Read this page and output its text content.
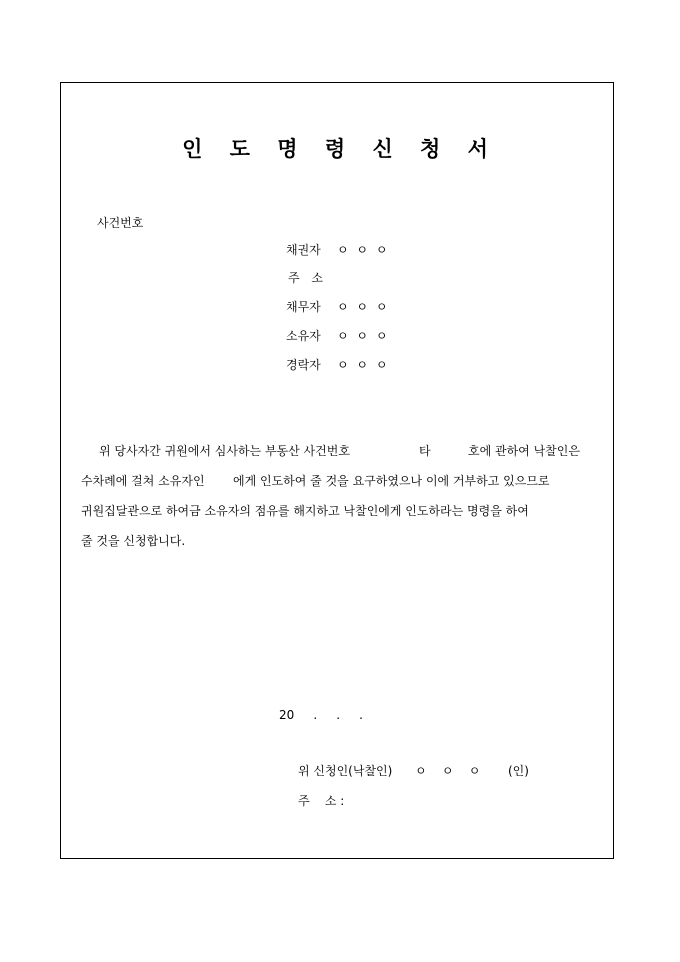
인 도 명 령 신 청 서
사건번호
채권자 ㅇ ㅇ ㅇ
주 소
채무자 ㅇ ㅇ ㅇ
소유자 ㅇ ㅇ ㅇ
경락자 ㅇ ㅇ ㅇ
위 당사자간 귀원에서 심사하는 부동산 사건번호	타	호에 관하여 낙찰인은
수차례에 걸쳐 소유자인 에게 인도하여 줄 것을 요구하였으나 이에 거부하고 있으므로
귀원집달관으로 하여금 소유자의 점유를 해지하고 낙찰인에게 인도하라는 명령을 하여
줄 것을 신청합니다.
20     .     .     .
위 신청인(낙찰인) ㅇ    ㅇ    ㅇ (인)
주    소 :
